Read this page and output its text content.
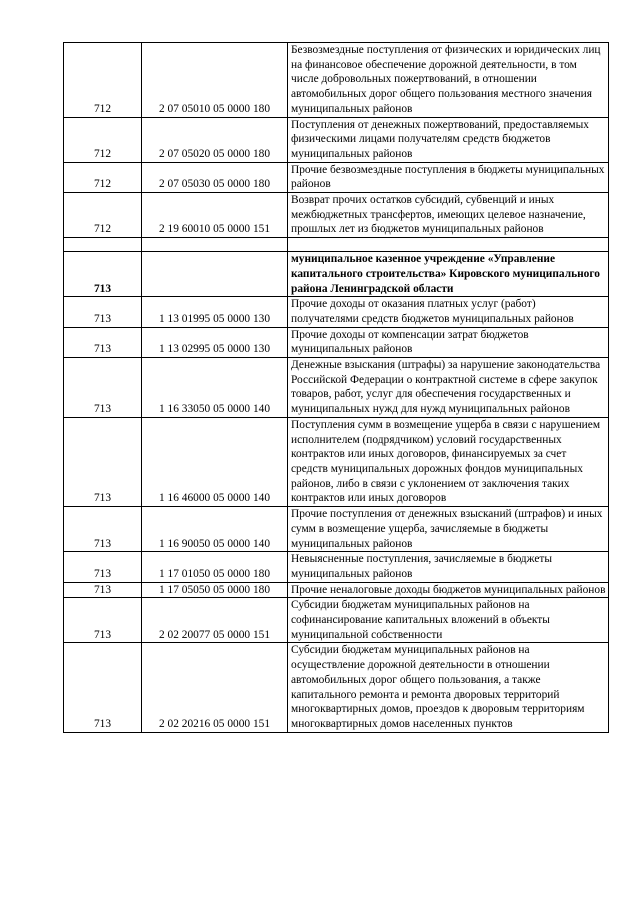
712	2 07 05010 05 0000 180	Безвозмездные поступления от физических и юридических лиц на финансовое обеспечение дорожной деятельности, в том числе добровольных пожертвований, в отношении автомобильных дорог общего пользования местного значения муниципальных районов
712	2 07 05020 05 0000 180	Поступления от денежных пожертвований, предоставляемых физическими лицами получателям средств бюджетов муниципальных районов
712	2 07 05030 05 0000 180	Прочие безвозмездные поступления в бюджеты муниципальных районов
712	2 19 60010 05 0000 151	Возврат прочих остатков субсидий, субвенций и иных межбюджетных трансфертов, имеющих целевое назначение, прошлых лет из бюджетов муниципальных районов

713		муниципальное казенное учреждение «Управление капитального строительства» Кировского муниципального района Ленинградской области
713	1 13 01995 05 0000 130	Прочие доходы от оказания платных услуг (работ) получателями средств бюджетов муниципальных районов
713	1 13 02995 05 0000 130	Прочие доходы от компенсации затрат бюджетов муниципальных районов
713	1 16 33050 05 0000 140	Денежные взыскания (штрафы) за нарушение законодательства Российской Федерации о контрактной системе в сфере закупок товаров, работ, услуг для обеспечения государственных и муниципальных нужд для нужд муниципальных районов
713	1 16 46000 05 0000 140	Поступления сумм в возмещение ущерба в связи с нарушением исполнителем (подрядчиком) условий государственных контрактов или иных договоров, финансируемых за счет средств муниципальных дорожных фондов муниципальных районов, либо в связи с уклонением от заключения таких контрактов или иных договоров
713	1 16 90050 05 0000 140	Прочие поступления от денежных взысканий (штрафов) и иных сумм в возмещение ущерба, зачисляемые в бюджеты муниципальных районов
713	1 17 01050 05 0000 180	Невыясненные поступления, зачисляемые в бюджеты муниципальных районов
713	1 17 05050 05 0000 180	Прочие неналоговые доходы бюджетов муниципальных районов
713	2 02 20077 05 0000 151	Субсидии бюджетам муниципальных районов на софинансирование капитальных вложений в объекты муниципальной собственности
713	2 02 20216 05 0000 151	Субсидии бюджетам муниципальных районов на осуществление дорожной деятельности в отношении автомобильных дорог общего пользования, а также капитального ремонта и ремонта дворовых территорий многоквартирных домов, проездов к дворовым территориям многоквартирных домов населенных пунктов
